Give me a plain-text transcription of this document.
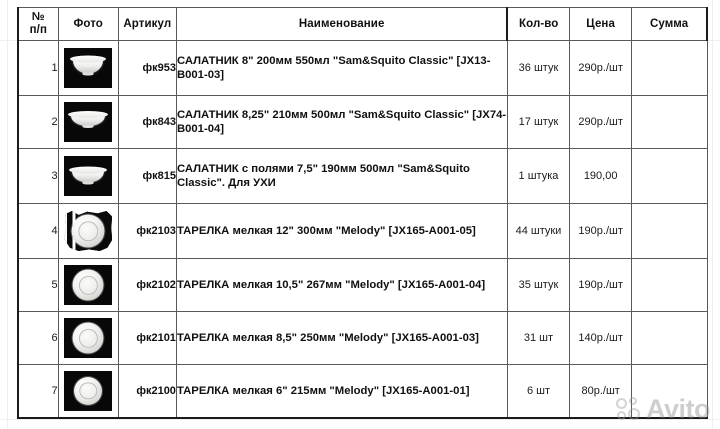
№
п/п	Фото	Артикул	Наименование	Кол-во	Цена	Сумма
1		фк953	САЛАТНИК 8" 200мм 550мл "Sam&Squito Classic" [JX13-B001-03]	36 штук	290р./шт	
2		фк843	САЛАТНИК 8,25" 210мм 500мл "Sam&Squito Classic" [JX74-B001-04]	17 штук	290р./шт	
3		фк815	САЛАТНИК с полями 7,5" 190мм 500мл "Sam&Squito Classic". Для УХИ	1 штука	190,00	
4		фк2103	ТАРЕЛКА мелкая 12" 300мм "Melody" [JX165-A001-05]	44 штуки	190р./шт	
5		фк2102	ТАРЕЛКА мелкая 10,5" 267мм "Melody" [JX165-A001-04]	35 штук	190р./шт	
6		фк2101	ТАРЕЛКА мелкая 8,5" 250мм "Melody" [JX165-A001-03]	31 шт	140р./шт	
7		фк2100	ТАРЕЛКА мелкая 6" 215мм "Melody" [JX165-A001-01]	6 шт	80р./шт	
Avito
